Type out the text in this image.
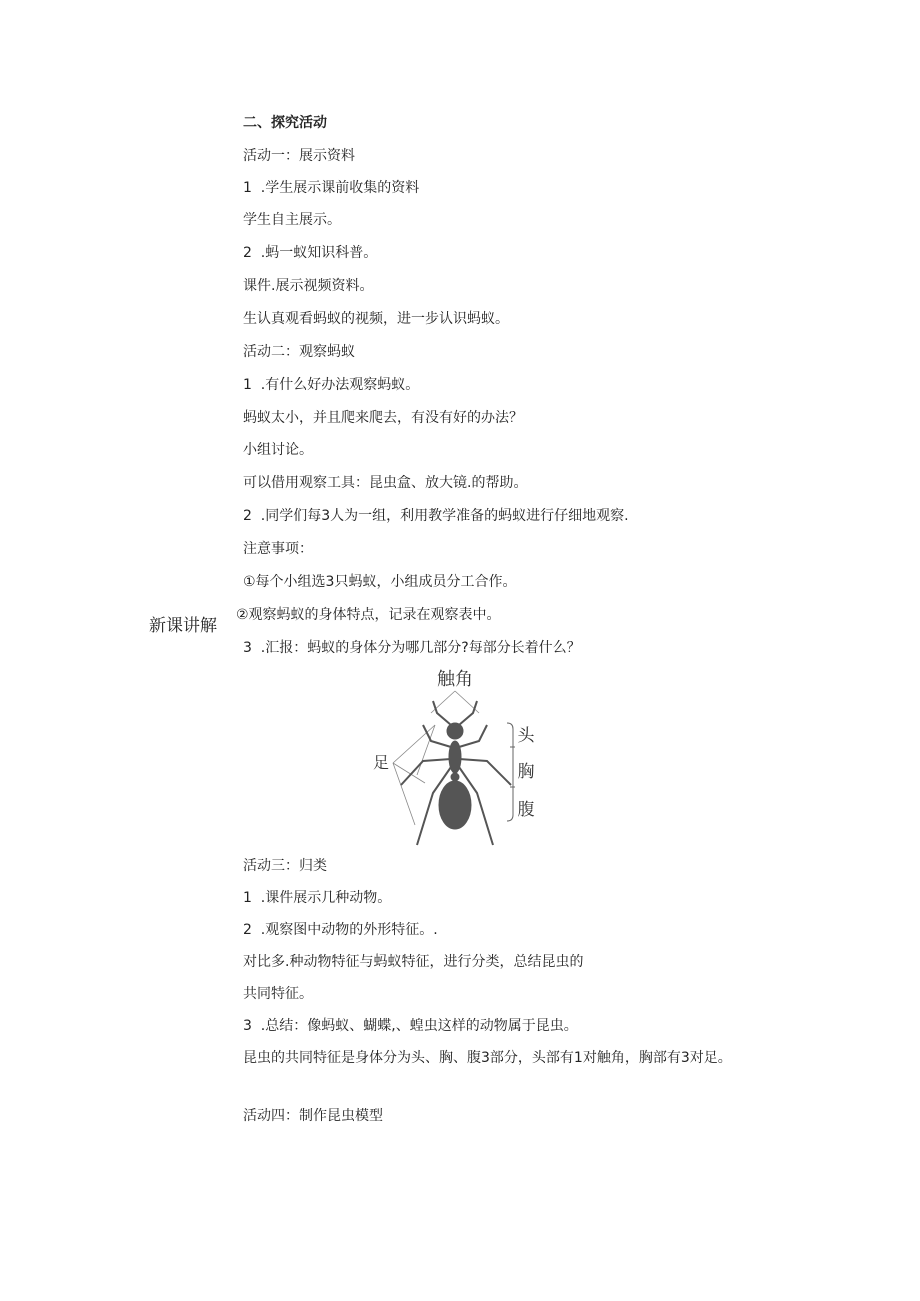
二、探究活动
活动一：展示资料
1  .学生展示课前收集的资料
学生自主展示。
2  .蚂一蚁知识科普。
课件.展示视频资料。
生认真观看蚂蚁的视频，进一步认识蚂蚁。
活动二：观察蚂蚁
1  .有什么好办法观察蚂蚁。
蚂蚁太小，并且爬来爬去，有没有好的办法？
小组讨论。
可以借用观察工具：昆虫盒、放大镜.的帮助。
2  .同学们每3人为一组，利用教学准备的蚂蚁进行仔细地观察.
注意事项：
①每个小组选3只蚂蚁，小组成员分工合作。
②观察蚂蚁的身体特点，记录在观察表中。
3  .汇报：蚂蚁的身体分为哪几部分?每部分长着什么？
新课讲解
触角
足
头
胸
腹
活动三：归类
1  .课件展示几种动物。
2  .观察图中动物的外形特征。.
对比多.种动物特征与蚂蚁特征，进行分类，总结昆虫的
共同特征。
3  .总结：像蚂蚁、蝴蝶,、蝗虫这样的动物属于昆虫。
昆虫的共同特征是身体分为头、胸、腹3部分，头部有1对触角，胸部有3对足。
活动四：制作昆虫模型
